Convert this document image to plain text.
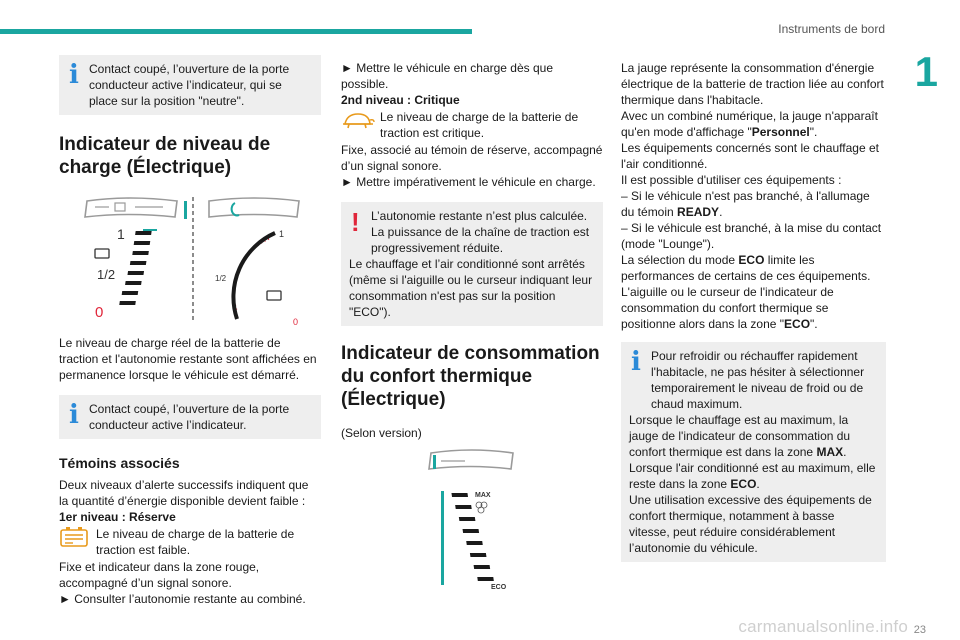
Instruments de bord
1
carmanualsonline.info 23
i Contact coupé, l’ouverture de la porte conducteur active l’indicateur, qui se place sur la position "neutre".

Indicateur de niveau de charge (Électrique)
1
1/2
0
1
1/2
0

Le niveau de charge réel de la batterie de traction et l'autonomie restante sont affichées en permanence lorsque le véhicule est démarré.

i Contact coupé, l’ouverture de la porte conducteur active l’indicateur.

Témoins associés

Deux niveaux d’alerte successifs indiquent que la quantité d’énergie disponible devient faible :

1er niveau : Réserve

Le niveau de charge de la batterie de traction est faible.

Fixe et indicateur dans la zone rouge, accompagné d’un signal sonore.

► Consulter l’autonomie restante au combiné.

► Mettre le véhicule en charge dès que possible.

2nd niveau : Critique

Le niveau de charge de la batterie de traction est critique.

Fixe, associé au témoin de réserve, accompagné d’un signal sonore.

► Mettre impérativement le véhicule en charge.

! L’autonomie restante n’est plus calculée. La puissance de la chaîne de traction est progressivement réduite.

Le chauffage et l’air conditionné sont arrêtés (même si l'aiguille ou le curseur indiquant leur consommation n'est pas sur la position "ECO").

Indicateur de consommation du confort thermique (Électrique)

(Selon version)

MAX
ECO

La jauge représente la consommation d'énergie électrique de la batterie de traction liée au confort thermique dans l'habitacle.

Avec un combiné numérique, la jauge n'apparaît qu'en mode d'affichage "Personnel".

Les équipements concernés sont le chauffage et l'air conditionné.

Il est possible d'utiliser ces équipements :

– Si le véhicule n'est pas branché, à l'allumage du témoin READY.

– Si le véhicule est branché, à la mise du contact (mode "Lounge").

La sélection du mode ECO limite les performances de certains de ces équipements.

L'aiguille ou le curseur de l'indicateur de consommation du confort thermique se positionne alors dans la zone "ECO".

i Pour refroidir ou réchauffer rapidement l'habitacle, ne pas hésiter à sélectionner temporairement le niveau de froid ou de chaud maximum.

Lorsque le chauffage est au maximum, la jauge de l'indicateur de consommation du confort thermique est dans la zone MAX.

Lorsque l'air conditionné est au maximum, elle reste dans la zone ECO.

Une utilisation excessive des équipements de confort thermique, notamment à basse vitesse, peut réduire considérablement l’autonomie du véhicule.
